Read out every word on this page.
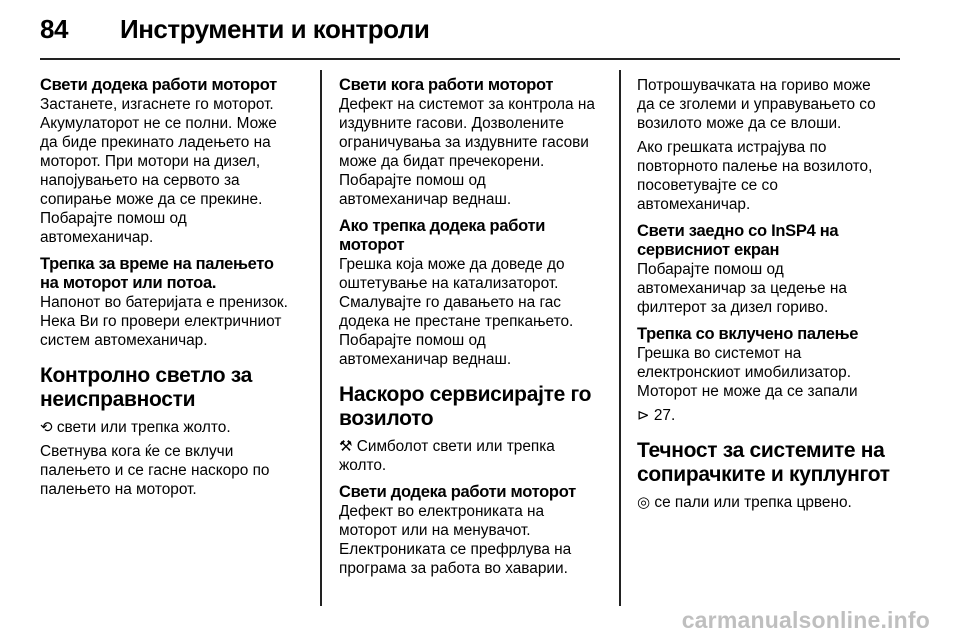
84 Инструменти и контроли
Свети додека работи моторот

Застанете, изгаснете го моторот.
Акумулаторот не се полни. Може
да биде прекинато ладењето на
моторот. При мотори на дизел,
напојувањето на сервото за
сопирање може да се прекине.
Побарајте помош од
автомеханичар.

Трепка за време на палењето
на моторот или потоа.

Напонот во батеријата е пренизок.
Нека Ви го провери електричниот
систем автомеханичар.

Контролно светло за
неисправности

⟲ свети или трепка жолто.

Светнува кога ќе се вклучи
палењето и се гасне наскоро по
палењето на моторот.

Свети кога работи моторот

Дефект на системот за контрола на
издувните гасови. Дозволените
ограничувања за издувните гасови
може да бидат пречекорени.
Побарајте помош од
автомеханичар веднаш.

Ако трепка додека работи
моторот

Грешка која може да доведе до
оштетување на катализаторот.
Смалувајте го давањето на гас
додека не престане трепкањето.
Побарајте помош од
автомеханичар веднаш.

Наскоро сервисирајте го
возилото

⚒ Симболот свети или трепка
жолто.

Свети додека работи моторот

Дефект во електрониката на
моторот или на менувачот.
Електрониката се префрлува на
програма за работа во хаварии.

Потрошувачката на гориво може
да се зголеми и управувањето со
возилото може да се влоши.

Ако грешката истрајува по
повторното палење на возилото,
посоветувајте се со
автомеханичар.

Свети заедно со InSP4 на
сервисниот екран

Побарајте помош од
автомеханичар за цедење на
филтерот за дизел гориво.

Трепка со вклучено палење

Грешка во системот на
електронскиот имобилизатор.
Моторот не може да се запали

⊳ 27.

Течност за системите на
сопирачките и куплунгот

◎ се пали или трепка црвено.

carmanualsonline.info
